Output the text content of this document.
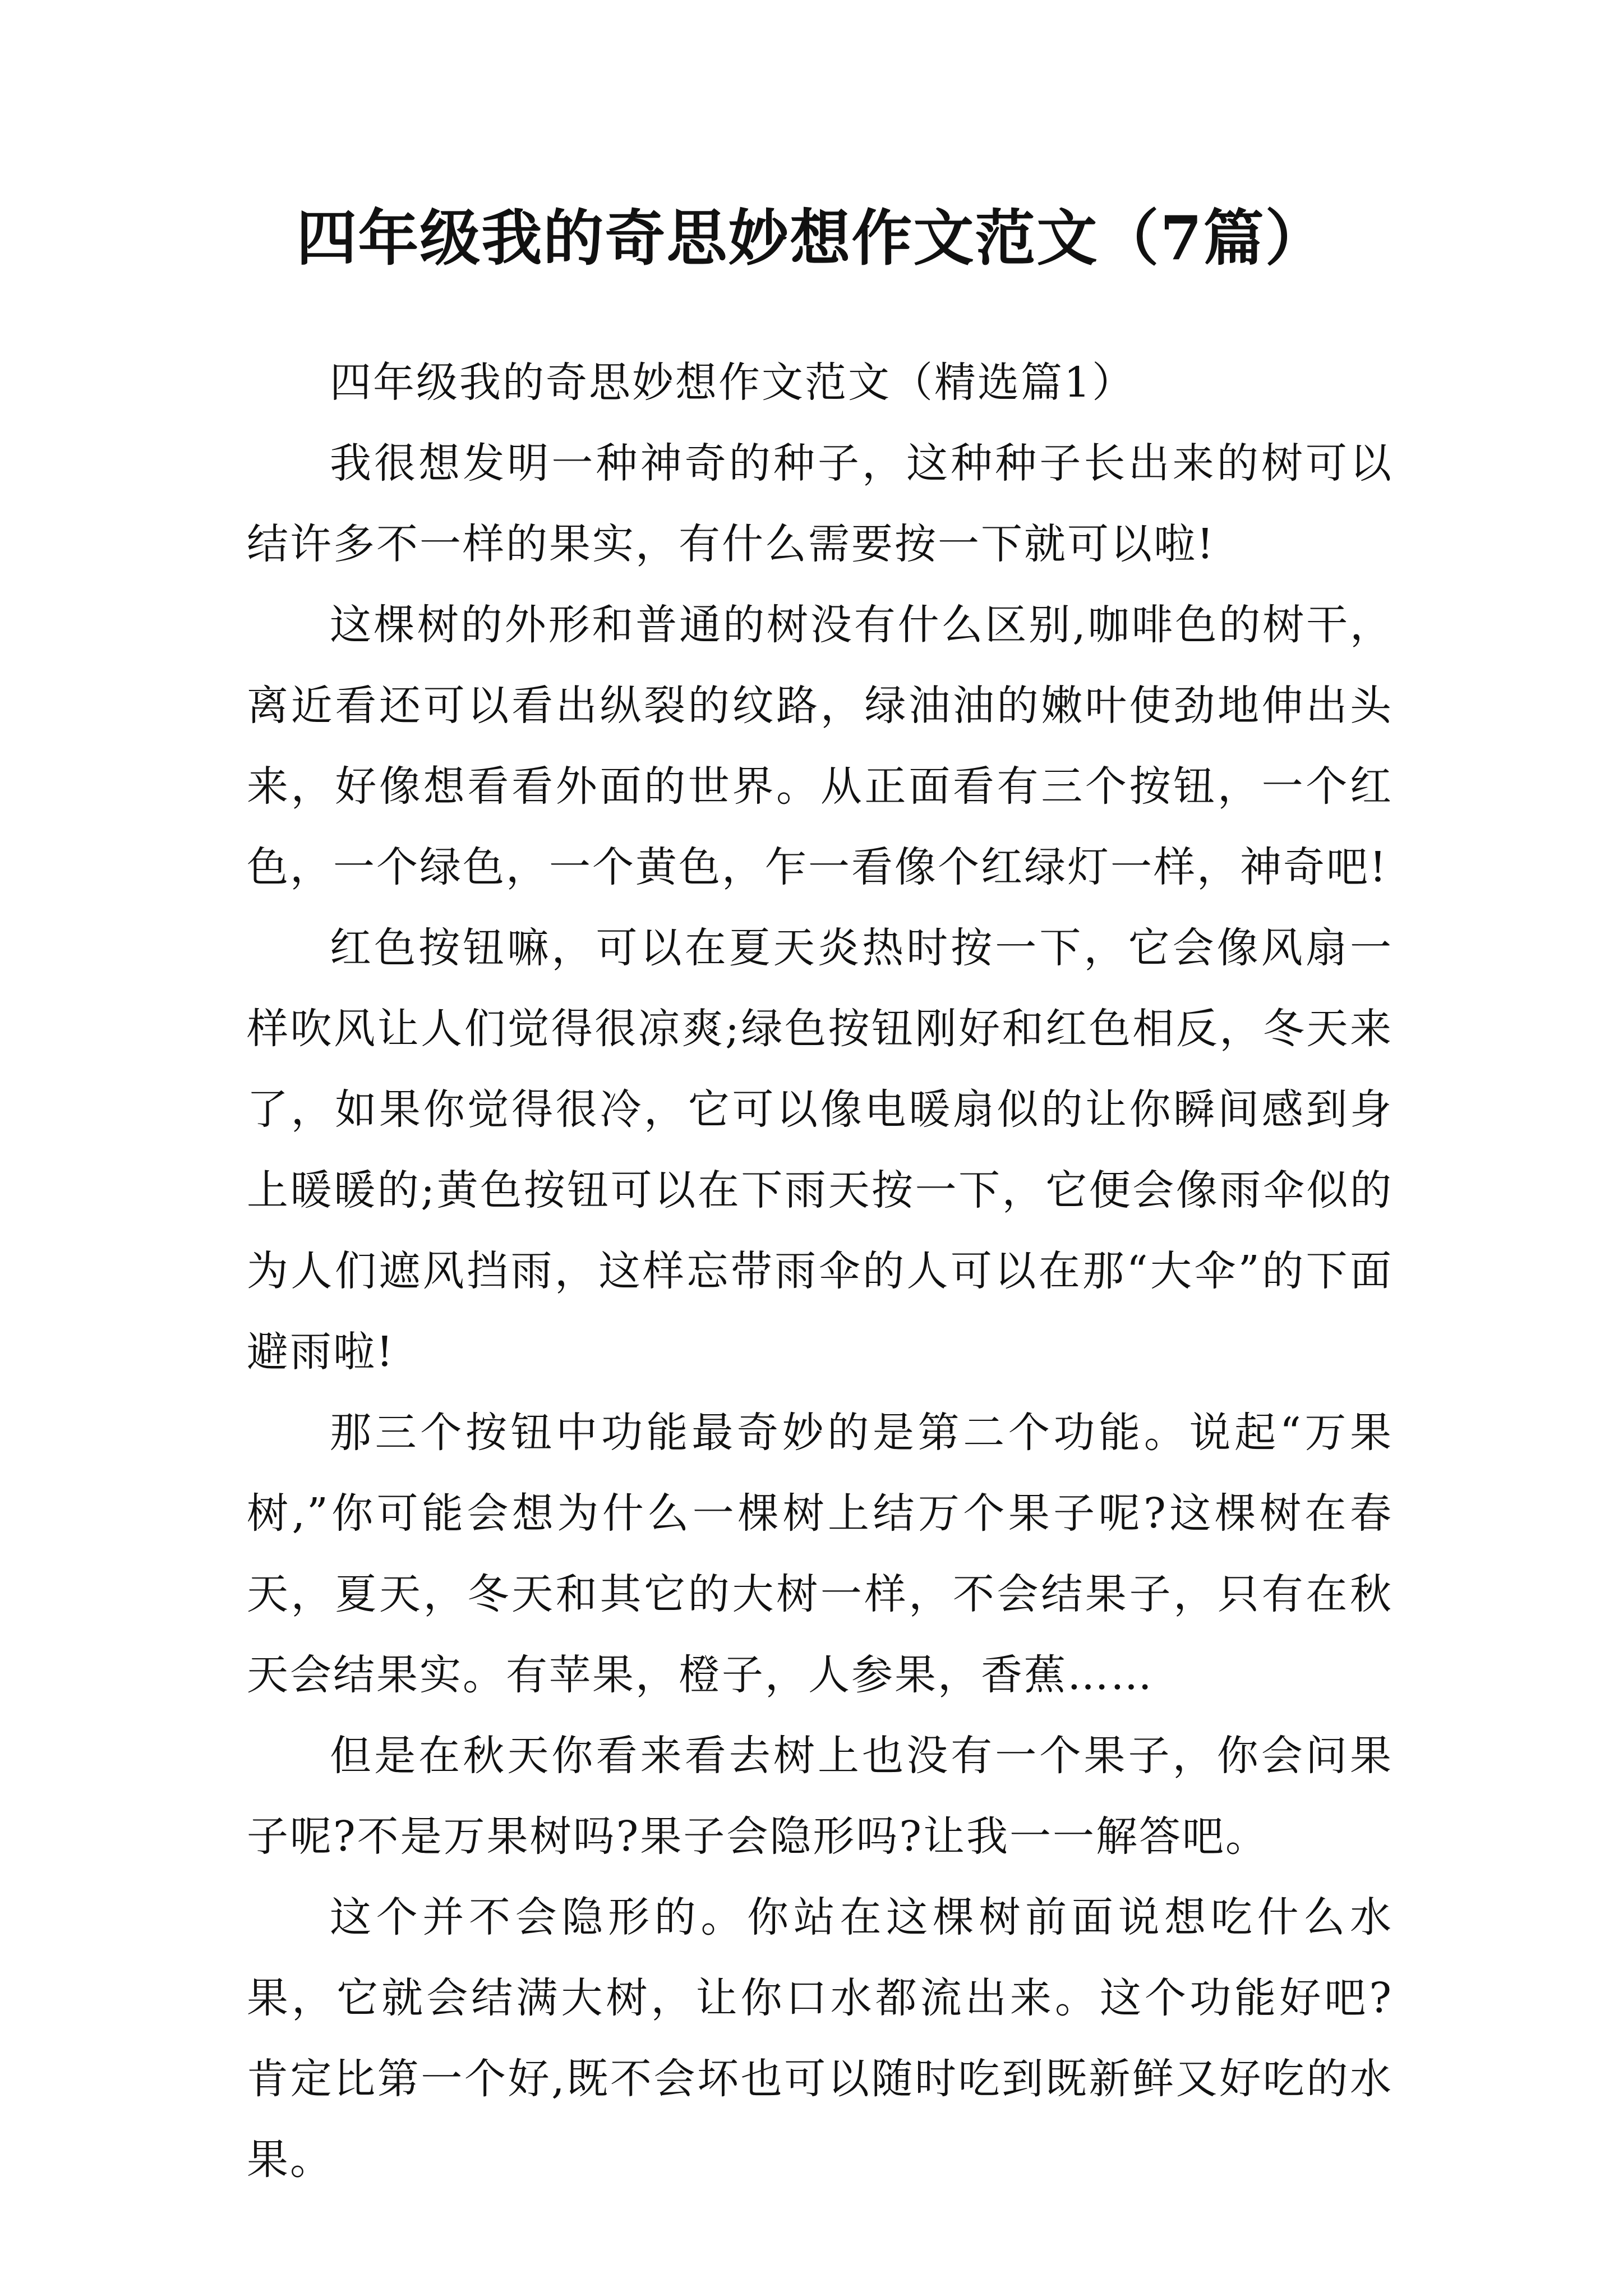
四年级我的奇思妙想作文范文（7篇）

四年级我的奇思妙想作文范文（精选篇1）

我很想发明一种神奇的种子，这种种子长出来的树可以结许多不一样的果实，有什么需要按一下就可以啦!

这棵树的外形和普通的树没有什么区别,咖啡色的树干，离近看还可以看出纵裂的纹路，绿油油的嫩叶使劲地伸出头来，好像想看看外面的世界。从正面看有三个按钮，一个红色，一个绿色，一个黄色，乍一看像个红绿灯一样，神奇吧!

红色按钮嘛，可以在夏天炎热时按一下，它会像风扇一样吹风让人们觉得很凉爽;绿色按钮刚好和红色相反，冬天来了，如果你觉得很冷，它可以像电暖扇似的让你瞬间感到身上暖暖的;黄色按钮可以在下雨天按一下，它便会像雨伞似的为人们遮风挡雨，这样忘带雨伞的人可以在那“大伞”的下面避雨啦!

那三个按钮中功能最奇妙的是第二个功能。说起“万果树,”你可能会想为什么一棵树上结万个果子呢?这棵树在春天，夏天，冬天和其它的大树一样，不会结果子，只有在秋天会结果实。有苹果，橙子，人参果，香蕉……

但是在秋天你看来看去树上也没有一个果子，你会问果子呢?不是万果树吗?果子会隐形吗?让我一一解答吧。

这个并不会隐形的。你站在这棵树前面说想吃什么水果，它就会结满大树，让你口水都流出来。这个功能好吧?肯定比第一个好,既不会坏也可以随时吃到既新鲜又好吃的水果。
